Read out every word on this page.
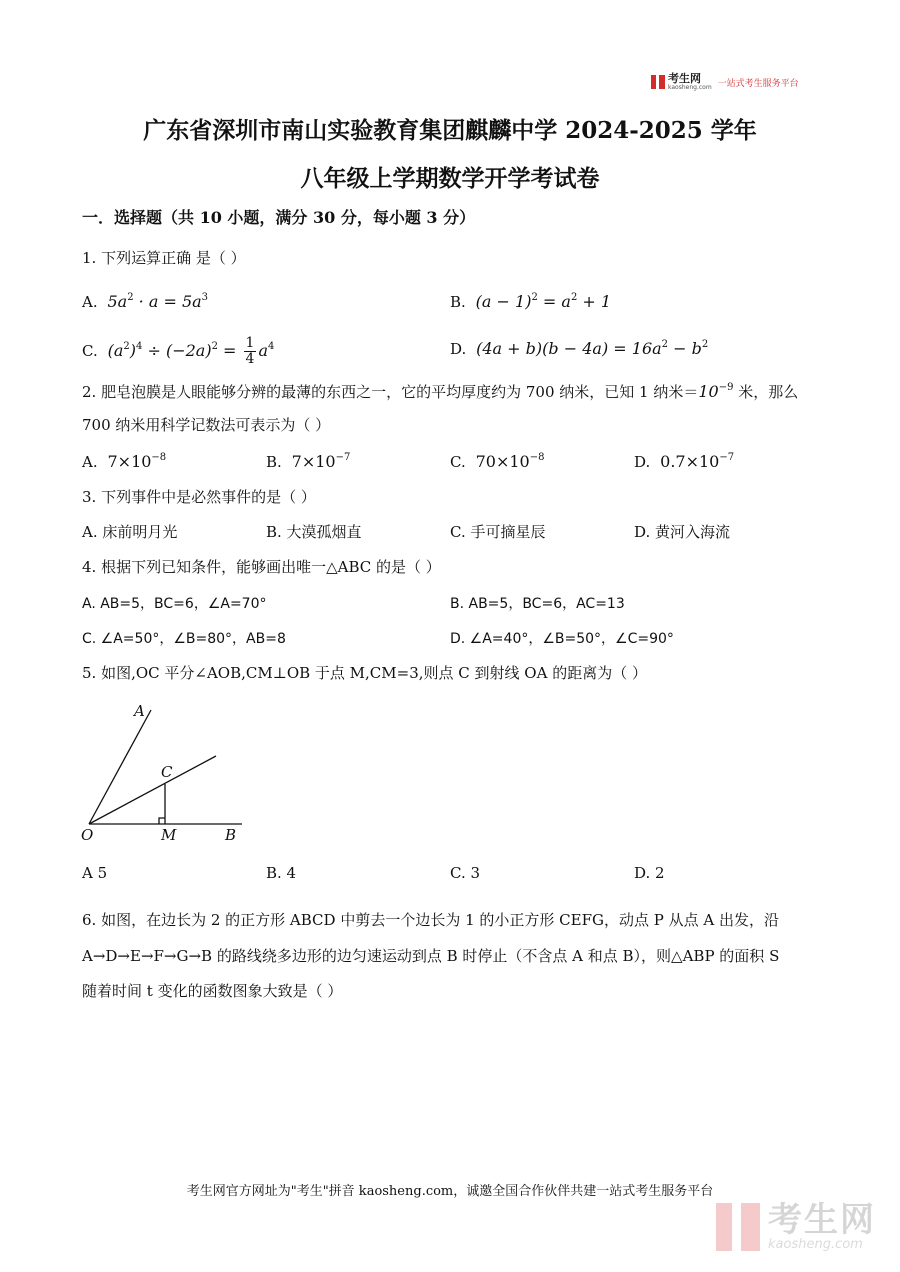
考生网
kaosheng.com 一站式考生服务平台
广东省深圳市南山实验教育集团麒麟中学 2024-2025 学年
八年级上学期数学开学考试卷
一．选择题（共 10 小题，满分 30 分，每小题 3 分）
1. 下列运算正确 是（ ）
A.  $5a^2 \cdot a = 5a^3$	B.  $(a - 1)^2 = a^2 + 1$
C.  $(a^2)^4 \div (-2a)^2 = \frac{1}{4} a^4$	D.  $(4a + b)(b - 4a) = 16a^2 - b^2$
2. 肥皂泡膜是人眼能够分辨的最薄的东西之一，它的平均厚度约为 700 纳米，已知 1 纳米$=10^{-9}$ 米，那么
700 纳米用科学记数法可表示为（ ）
A.  $7\times 10^{-8}$	B.  $7\times 10^{-7}$	C.  $70\times 10^{-8}$	D.  $0.7\times 10^{-7}$
3. 下列事件中是必然事件的是（ ）
A. 床前明月光	B. 大漠孤烟直	C. 手可摘星辰	D. 黄河入海流
4. 根据下列已知条件，能够画出唯一△ABC 的是（ ）
A. AB=5，BC=6，∠A=70°	B. AB=5，BC=6，AC=13
C. ∠A=50°，∠B=80°，AB=8	D. ∠A=40°，∠B=50°，∠C=90°
5. 如图,OC 平分∠AOB,CM⊥OB 于点 M,CM=3,则点 C 到射线 OA 的距离为（ ）
A
C
O	M	B
A 5	B. 4	C. 3	D. 2
6. 如图，在边长为 2 的正方形 ABCD 中剪去一个边长为 1 的小正方形 CEFG，动点 P 从点 A 出发，沿
A→D→E→F→G→B 的路线绕多边形的边匀速运动到点 B 时停止（不含点 A 和点 B），则△ABP 的面积 S
随着时间 t 变化的函数图象大致是（ ）
考生网官方网址为"考生"拼音 kaosheng.com，诚邀全国合作伙伴共建一站式考生服务平台
考生网
kaosheng.com
